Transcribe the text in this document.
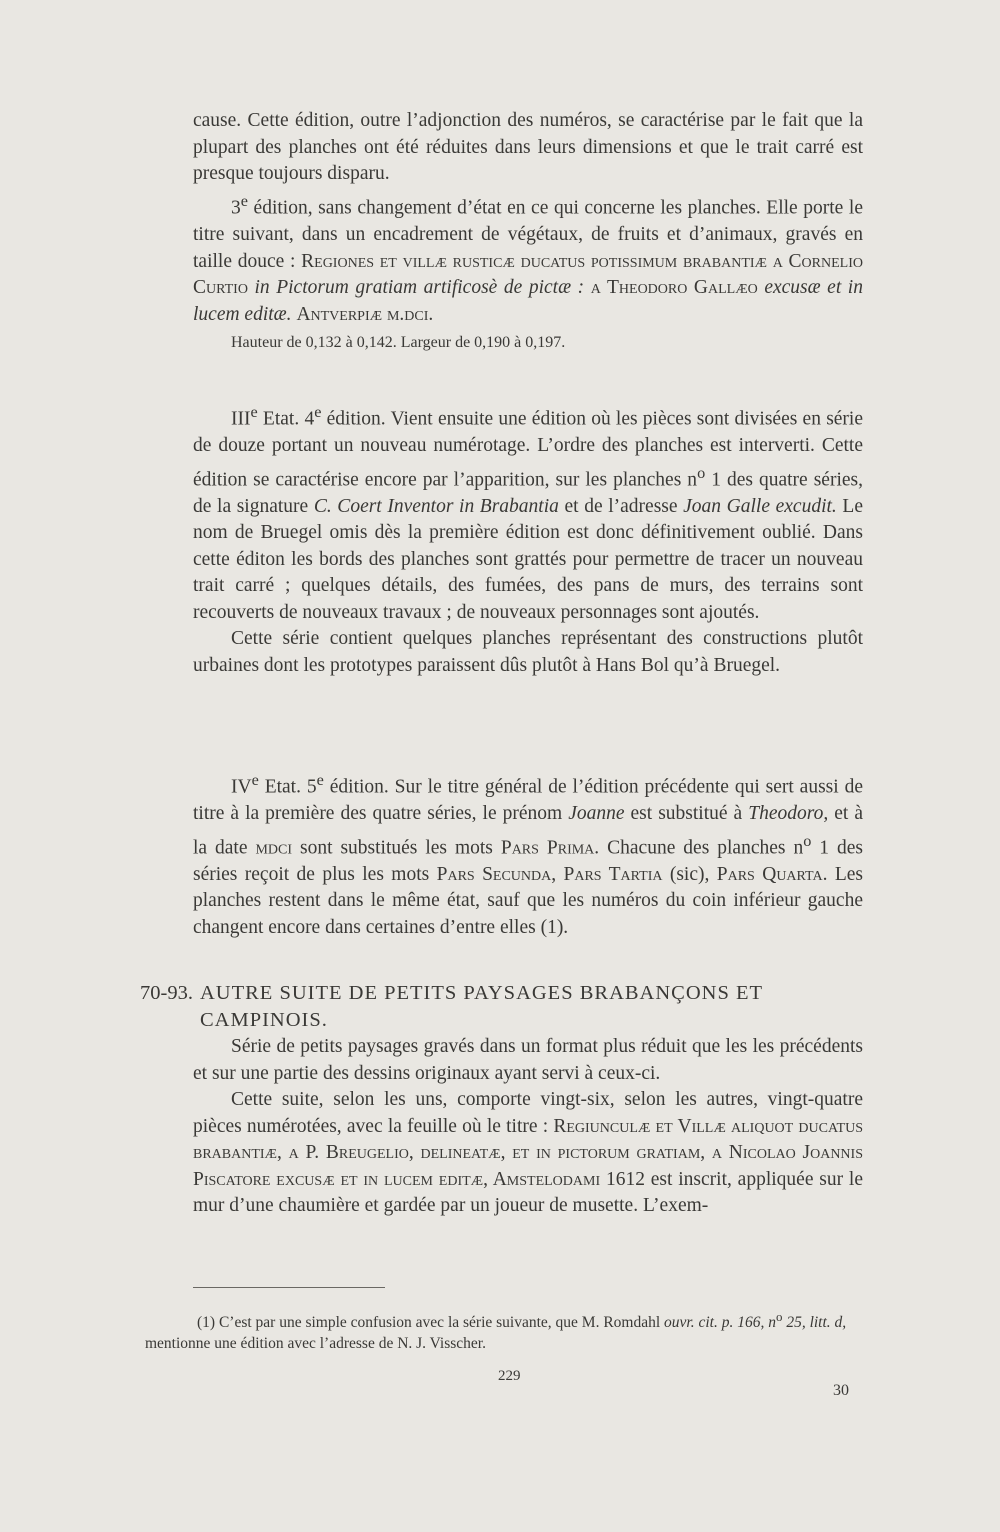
cause. Cette édition, outre l’adjonction des numéros, se caractérise par le fait que la plupart des planches ont été réduites dans leurs dimensions et que le trait carré est presque toujours disparu.

3e édition, sans changement d’état en ce qui concerne les planches. Elle porte le titre suivant, dans un encadrement de végétaux, de fruits et d’animaux, gravés en taille douce : Regiones et villæ rusticæ ducatus potissimum brabantiæ a Cornelio Curtio in Pictorum gratiam artificosè de pictæ : a Theodoro Gallæo excusæ et in lucem editæ. Antverpiæ m.dci.

Hauteur de 0,132 à 0,142. Largeur de 0,190 à 0,197.

IIIe Etat. 4e édition. Vient ensuite une édition où les pièces sont divisées en série de douze portant un nouveau numérotage. L’ordre des planches est interverti. Cette édition se caractérise encore par l’apparition, sur les planches $n^o$ 1 des quatre séries, de la signature C. Coert Inventor in Brabantia et de l’adresse Joan Galle excudit. Le nom de Bruegel omis dès la première édition est donc définitivement oublié. Dans cette éditon les bords des planches sont grattés pour permettre de tracer un nouveau trait carré ; quelques détails, des fumées, des pans de murs, des terrains sont recouverts de nouveaux travaux ; de nouveaux personnages sont ajoutés.

Cette série contient quelques planches représentant des constructions plutôt urbaines dont les prototypes paraissent dûs plutôt à Hans Bol qu’à Bruegel.

IVe Etat. 5e édition. Sur le titre général de l’édition précédente qui sert aussi de titre à la première des quatre séries, le prénom Joanne est substitué à Theodoro, et à la date mdci sont substitués les mots Pars Prima. Chacune des planches $n^o$ 1 des séries reçoit de plus les mots Pars Secunda, Pars Tartia (sic), Pars Quarta. Les planches restent dans le même état, sauf que les numéros du coin inférieur gauche changent encore dans certaines d’entre elles (1).

70-93. AUTRE SUITE DE PETITS PAYSAGES BRABANÇONS ET
CAMPINOIS.

Série de petits paysages gravés dans un format plus réduit que les les précédents et sur une partie des dessins originaux ayant servi à ceux-ci.

Cette suite, selon les uns, comporte vingt-six, selon les autres, vingt-quatre pièces numérotées, avec la feuille où le titre : Regiunculæ et Villæ aliquot ducatus brabantiæ, a P. Breugelio, delineatæ, et in pictorum gratiam, a Nicolao Joannis Piscatore excusæ et in lucem editæ, Amstelodami 1612 est inscrit, appliquée sur le mur d’une chaumière et gardée par un joueur de musette. L’exem-

(1) C’est par une simple confusion avec la série suivante, que M. Romdahl ouvr. cit. p. 166, $n^o$ 25, litt. d, mentionne une édition avec l’adresse de N. J. Visscher.

229
30
